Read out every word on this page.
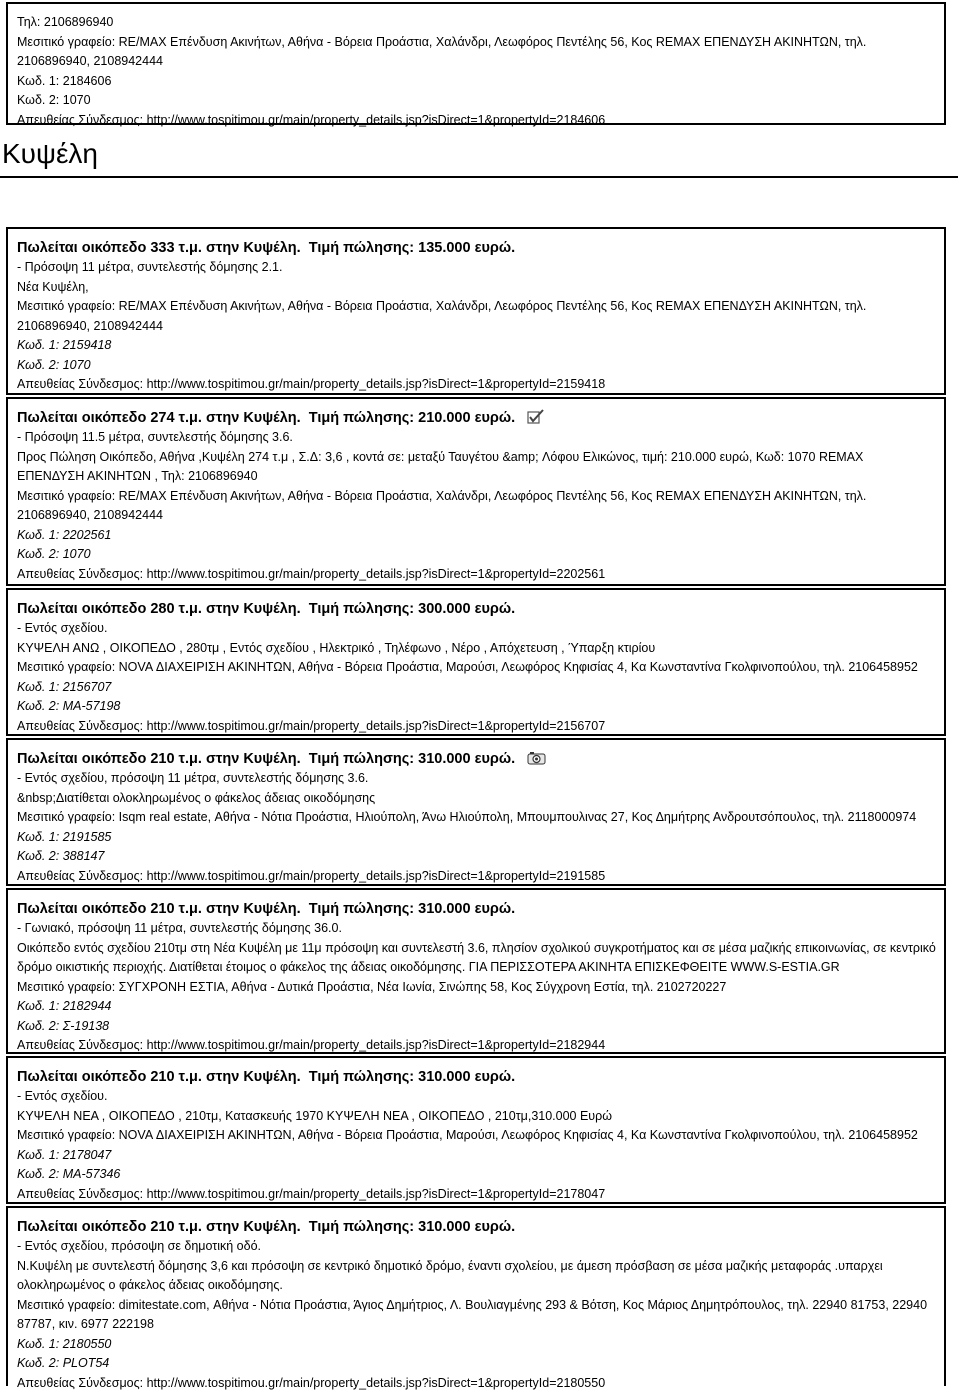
Τηλ: 2106896940
Μεσιτικό γραφείο: RE/MAX Επένδυση Ακινήτων, Αθήνα - Βόρεια Προάστια, Χαλάνδρι, Λεωφόρος Πεντέλης 56, Κος REMAX ΕΠΕΝΔΥΣΗ ΑΚΙΝΗΤΩΝ, τηλ.
2106896940, 2108942444
Κωδ. 1: 2184606
Κωδ. 2: 1070
Απευθείας Σύνδεσμος: http://www.tospitimou.gr/main/property_details.jsp?isDirect=1&propertyId=2184606
Κυψέλη
Πωλείται οικόπεδο 333 τ.μ. στην Κυψέλη. Τιμή πώλησης: 135.000 ευρώ.
- Πρόσοψη 11 μέτρα, συντελεστής δόμησης 2.1.
Νέα Κυψέλη,
Μεσιτικό γραφείο: RE/MAX Επένδυση Ακινήτων, Αθήνα - Βόρεια Προάστια, Χαλάνδρι, Λεωφόρος Πεντέλης 56, Κος REMAX ΕΠΕΝΔΥΣΗ ΑΚΙΝΗΤΩΝ, τηλ.
2106896940, 2108942444
Κωδ. 1: 2159418
Κωδ. 2: 1070
Απευθείας Σύνδεσμος: http://www.tospitimou.gr/main/property_details.jsp?isDirect=1&propertyId=2159418
Πωλείται οικόπεδο 274 τ.μ. στην Κυψέλη. Τιμή πώλησης: 210.000 ευρώ.
- Πρόσοψη 11.5 μέτρα, συντελεστής δόμησης 3.6.
Προς Πώληση Οικόπεδο, Αθήνα ,Κυψέλη 274 τ.μ , Σ.Δ: 3,6 , κοντά σε: μεταξύ Ταυγέτου &amp; Λόφου Ελικώνος, τιμή: 210.000 ευρώ, Κωδ: 1070 REMAX
ΕΠΕΝΔΥΣΗ ΑΚΙΝΗΤΩΝ , Τηλ: 2106896940
Μεσιτικό γραφείο: RE/MAX Επένδυση Ακινήτων, Αθήνα - Βόρεια Προάστια, Χαλάνδρι, Λεωφόρος Πεντέλης 56, Κος REMAX ΕΠΕΝΔΥΣΗ ΑΚΙΝΗΤΩΝ, τηλ.
2106896940, 2108942444
Κωδ. 1: 2202561
Κωδ. 2: 1070
Απευθείας Σύνδεσμος: http://www.tospitimou.gr/main/property_details.jsp?isDirect=1&propertyId=2202561
Πωλείται οικόπεδο 280 τ.μ. στην Κυψέλη. Τιμή πώλησης: 300.000 ευρώ.
- Εντός σχεδίου.
ΚΥΨΕΛΗ ΑΝΩ , ΟΙΚΟΠΕΔΟ , 280τμ , Εντός σχεδίου , Ηλεκτρικό , Τηλέφωνο , Νέρο , Απόχετευση , Ύπαρξη κτιρίου
Μεσιτικό γραφείο: NOVA ΔΙΑΧΕΙΡΙΣΗ ΑΚΙΝΗΤΩΝ, Αθήνα - Βόρεια Προάστια, Μαρούσι, Λεωφόρος Κηφισίας 4, Κα Κωνσταντίνα Γκολφινοπούλου, τηλ. 2106458952
Κωδ. 1: 2156707
Κωδ. 2: MA-57198
Απευθείας Σύνδεσμος: http://www.tospitimou.gr/main/property_details.jsp?isDirect=1&propertyId=2156707
Πωλείται οικόπεδο 210 τ.μ. στην Κυψέλη. Τιμή πώλησης: 310.000 ευρώ.
- Εντός σχεδίου, πρόσοψη 11 μέτρα, συντελεστής δόμησης 3.6.
&nbsp;Διατίθεται ολοκληρωμένος ο φάκελος άδειας οικοδόμησης
Μεσιτικό γραφείο: Isqm real estate, Αθήνα - Νότια Προάστια, Ηλιούπολη, Άνω Ηλιούπολη, Μπουμπουλινας 27, Κος Δημήτρης Ανδρουτσόπουλος, τηλ. 2118000974
Κωδ. 1: 2191585
Κωδ. 2: 388147
Απευθείας Σύνδεσμος: http://www.tospitimou.gr/main/property_details.jsp?isDirect=1&propertyId=2191585
Πωλείται οικόπεδο 210 τ.μ. στην Κυψέλη. Τιμή πώλησης: 310.000 ευρώ.
- Γωνιακό, πρόσοψη 11 μέτρα, συντελεστής δόμησης 36.0.
Οικόπεδο εντός σχεδίου 210τμ στη Νέα Κυψέλη με 11μ πρόσοψη και συντελεστή 3.6, πλησίον σχολικού συγκροτήματος και σε μέσα μαζικής επικοινωνίας, σε κεντρικό δρόμο οικιστικής περιοχής. Διατίθεται έτοιμος ο φάκελος της άδειας οικοδόμησης. ΓΙΑ ΠΕΡΙΣΣΟΤΕΡΑ ΑΚΙΝΗΤΑ ΕΠΙΣΚΕΦΘΕΙΤΕ WWW.S-ESTIA.GR
Μεσιτικό γραφείο: ΣΥΓΧΡΟΝΗ ΕΣΤΙΑ, Αθήνα - Δυτικά Προάστια, Νέα Ιωνία, Σινώπης 58, Κος Σύγχρονη Εστία, τηλ. 2102720227
Κωδ. 1: 2182944
Κωδ. 2: Σ-19138
Απευθείας Σύνδεσμος: http://www.tospitimou.gr/main/property_details.jsp?isDirect=1&propertyId=2182944
Πωλείται οικόπεδο 210 τ.μ. στην Κυψέλη. Τιμή πώλησης: 310.000 ευρώ.
- Εντός σχεδίου.
ΚΥΨΕΛΗ ΝΕΑ , ΟΙΚΟΠΕΔΟ , 210τμ, Κατασκευής 1970 ΚΥΨΕΛΗ ΝΕΑ , ΟΙΚΟΠΕΔΟ , 210τμ,310.000 Ευρώ
Μεσιτικό γραφείο: NOVA ΔΙΑΧΕΙΡΙΣΗ ΑΚΙΝΗΤΩΝ, Αθήνα - Βόρεια Προάστια, Μαρούσι, Λεωφόρος Κηφισίας 4, Κα Κωνσταντίνα Γκολφινοπούλου, τηλ. 2106458952
Κωδ. 1: 2178047
Κωδ. 2: MA-57346
Απευθείας Σύνδεσμος: http://www.tospitimou.gr/main/property_details.jsp?isDirect=1&propertyId=2178047
Πωλείται οικόπεδο 210 τ.μ. στην Κυψέλη. Τιμή πώλησης: 310.000 ευρώ.
- Εντός σχεδίου, πρόσοψη σε δημοτική οδό.
N.Κυψέλη με συντελεστή δόμησης 3,6 και πρόσοψη σε κεντρικό δημοτικό δρόμο, έναντι σχολείου, με άμεση πρόσβαση σε μέσα μαζικής μεταφοράς .υπαρχει ολοκληρωμένος ο φάκελος άδειας οικοδόμησης.
Μεσιτικό γραφείο: dimitestate.com, Αθήνα - Νότια Προάστια, Άγιος Δημήτριος, Λ. Βουλιαγμένης 293 & Βότση, Κος Μάριος Δημητρόπουλος, τηλ. 22940 81753, 22940 87787, κιν. 6977 222198
Κωδ. 1: 2180550
Κωδ. 2: PLOT54
Απευθείας Σύνδεσμος: http://www.tospitimou.gr/main/property_details.jsp?isDirect=1&propertyId=2180550
